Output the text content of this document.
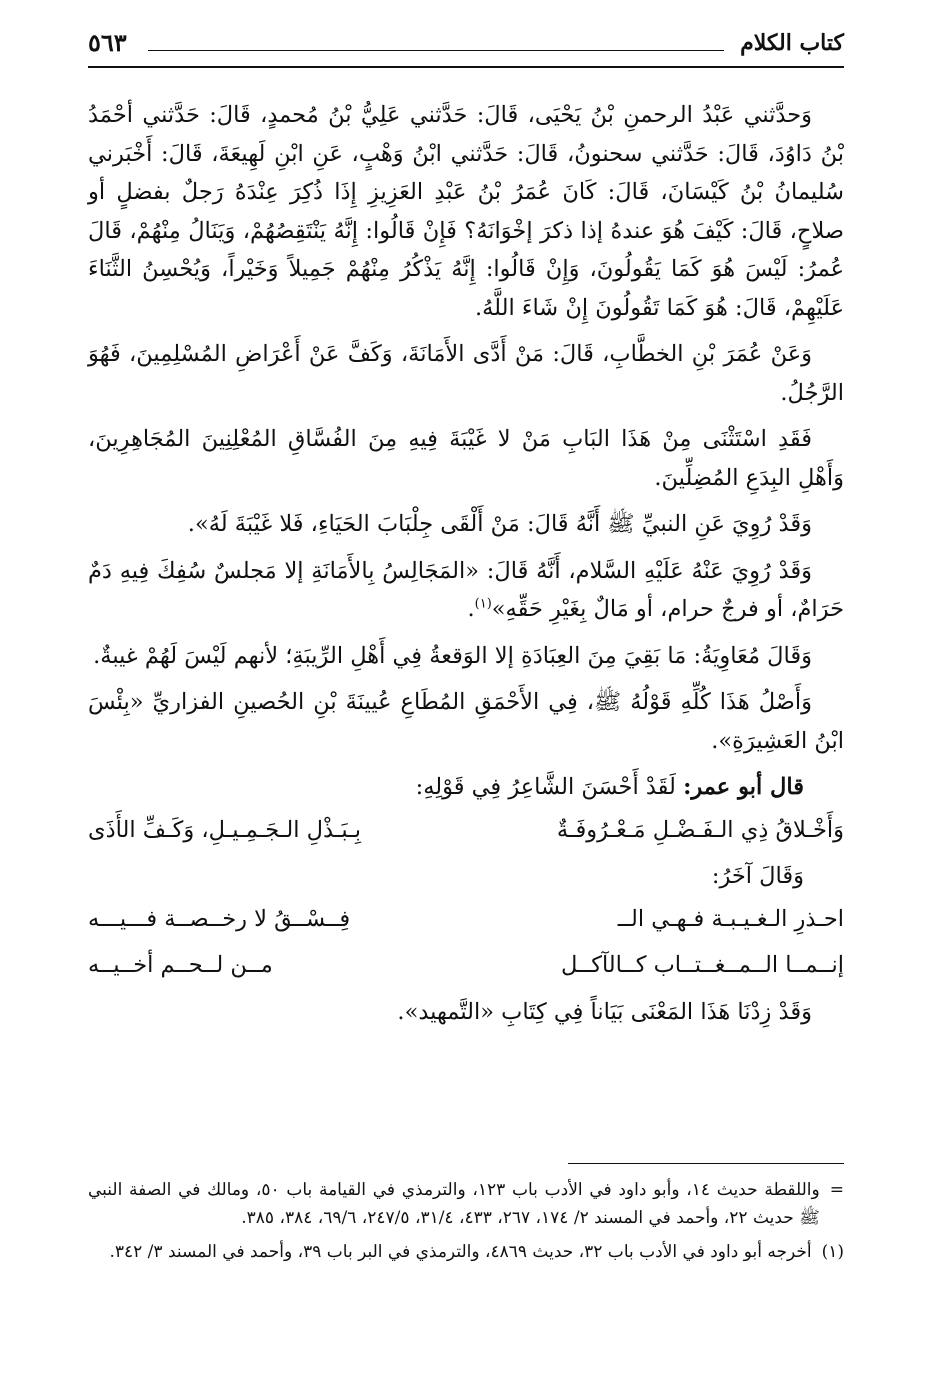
كتاب الكلام
٥٦٣

وَحدَّثني عَبْدُ الرحمنِ بْنُ يَحْيَى، قَالَ: حَدَّثني عَلِيُّ بْنُ مُحمدٍ، قَالَ: حَدَّثني أحْمَدُ بْنُ دَاوُدَ، قَالَ: حَدَّثني سحنونُ، قَالَ: حَدَّثني ابْنُ وَهْبٍ، عَنِ ابْنِ لَهِيعَةَ، قَالَ: أَخْبَرني سُليمانُ بْنُ كَيْسَانَ، قَالَ: كَانَ عُمَرُ بْنُ عَبْدِ العَزِيزِ إِذَا ذُكِرَ عِنْدَهُ رَجلٌ بفضلٍ أو صلاحٍ، قَالَ: كَيْفَ هُوَ عندهُ إذا ذكرَ إخْوَانَهُ؟ فَإِنْ قَالُوا: إِنَّهُ يَنْتَقِصُهُمْ، وَيَنَالُ مِنْهُمْ، قَالَ عُمرُ: لَيْسَ هُوَ كَمَا يَقُولُونَ، وَإِنْ قَالُوا: إِنَّهُ يَذْكُرُ مِنْهُمْ جَمِيلاً وَخَيْراً، وَيُحْسِنُ الثَّنَاءَ عَلَيْهِمْ، قَالَ: هُوَ كَمَا تَقُولُونَ إِنْ شَاءَ اللَّهُ.

وَعَنْ عُمَرَ بْنِ الخطَّابِ، قَالَ: مَنْ أَدَّى الأَمَانَةَ، وَكَفَّ عَنْ أَعْرَاضِ المُسْلِمِينَ، فَهُوَ الرَّجُلُ.

فَقَدِ اسْتَثْنَى مِنْ هَذَا البَابِ مَنْ لا غَيْبَةَ فِيهِ مِنَ الفُسَّاقِ المُعْلِنِينَ المُجَاهِرِينَ، وَأَهْلِ البِدَعِ المُضِلِّينَ.

وَقَدْ رُوِيَ عَنِ النبيِّ ﷺ أَنَّهُ قَالَ: مَنْ أَلْقَى جِلْبَابَ الحَيَاءِ، فَلا غَيْبَةَ لَهُ».

وَقَدْ رُوِيَ عَنْهُ عَلَيْهِ السَّلام، أَنَّهُ قَالَ: «المَجَالِسُ بِالأَمَانَةِ إلا مَجلسٌ سُفِكَ فِيهِ دَمٌ حَرَامٌ، أو فرجٌ حرام، أو مَالٌ بِغَيْرِ حَقِّهِ»$^{(١)}$.

وَقَالَ مُعَاوِيَةُ: مَا بَقِيَ مِنَ العِبَادَةِ إلا الوَقعةُ فِي أَهْلِ الرِّيبَةِ؛ لأنهم لَيْسَ لَهُمْ غيبةٌ.

وَأَصْلُ هَذَا كُلِّهِ قَوْلُهُ ﷺ، فِي الأَحْمَقِ المُطَاعِ عُيينَةَ بْنِ الحُصينِ الفزاريِّ «بِئْسَ ابْنُ العَشِيرَةِ».

قال أبو عمر: لَقَدْ أَحْسَنَ الشَّاعِرُ فِي قَوْلِهِ:

وَأَخْـلاقُ ذِي الـفَـضْـلِ مَـعْـرُوفَـةٌ
بِـبَـذْلِ الـجَـمِـيـلِ، وَكَـفِّ الأَذَى

وَقَالَ آخَرُ:

احـذرِ الـغـيـبـة فـهـي الــ
فِــسْــقُ لا رخــصــة فـــيـــه
إنــمــا الــمــغــتــاب كــالآكــل
مــن لــحــم أخــيــه

وَقَدْ زِدْنَا هَذَا المَعْنَى بَيَاناً فِي كِتَابِ «التَّمهيد».

=
واللقطة حديث ١٤، وأبو داود في الأدب باب ١٢٣، والترمذي في القيامة باب ٥٠، ومالك في الصفة النبي ﷺ حديث ٢٢، وأحمد في المسند ٢/ ١٧٤، ٢٦٧، ٤٣٣، ٣١/٤، ٢٤٧/٥، ٦٩/٦، ٣٨٤، ٣٨٥.
(١)
أخرجه أبو داود في الأدب باب ٣٢، حديث ٤٨٦٩، والترمذي في البر باب ٣٩، وأحمد في المسند ٣/ ٣٤٢.
